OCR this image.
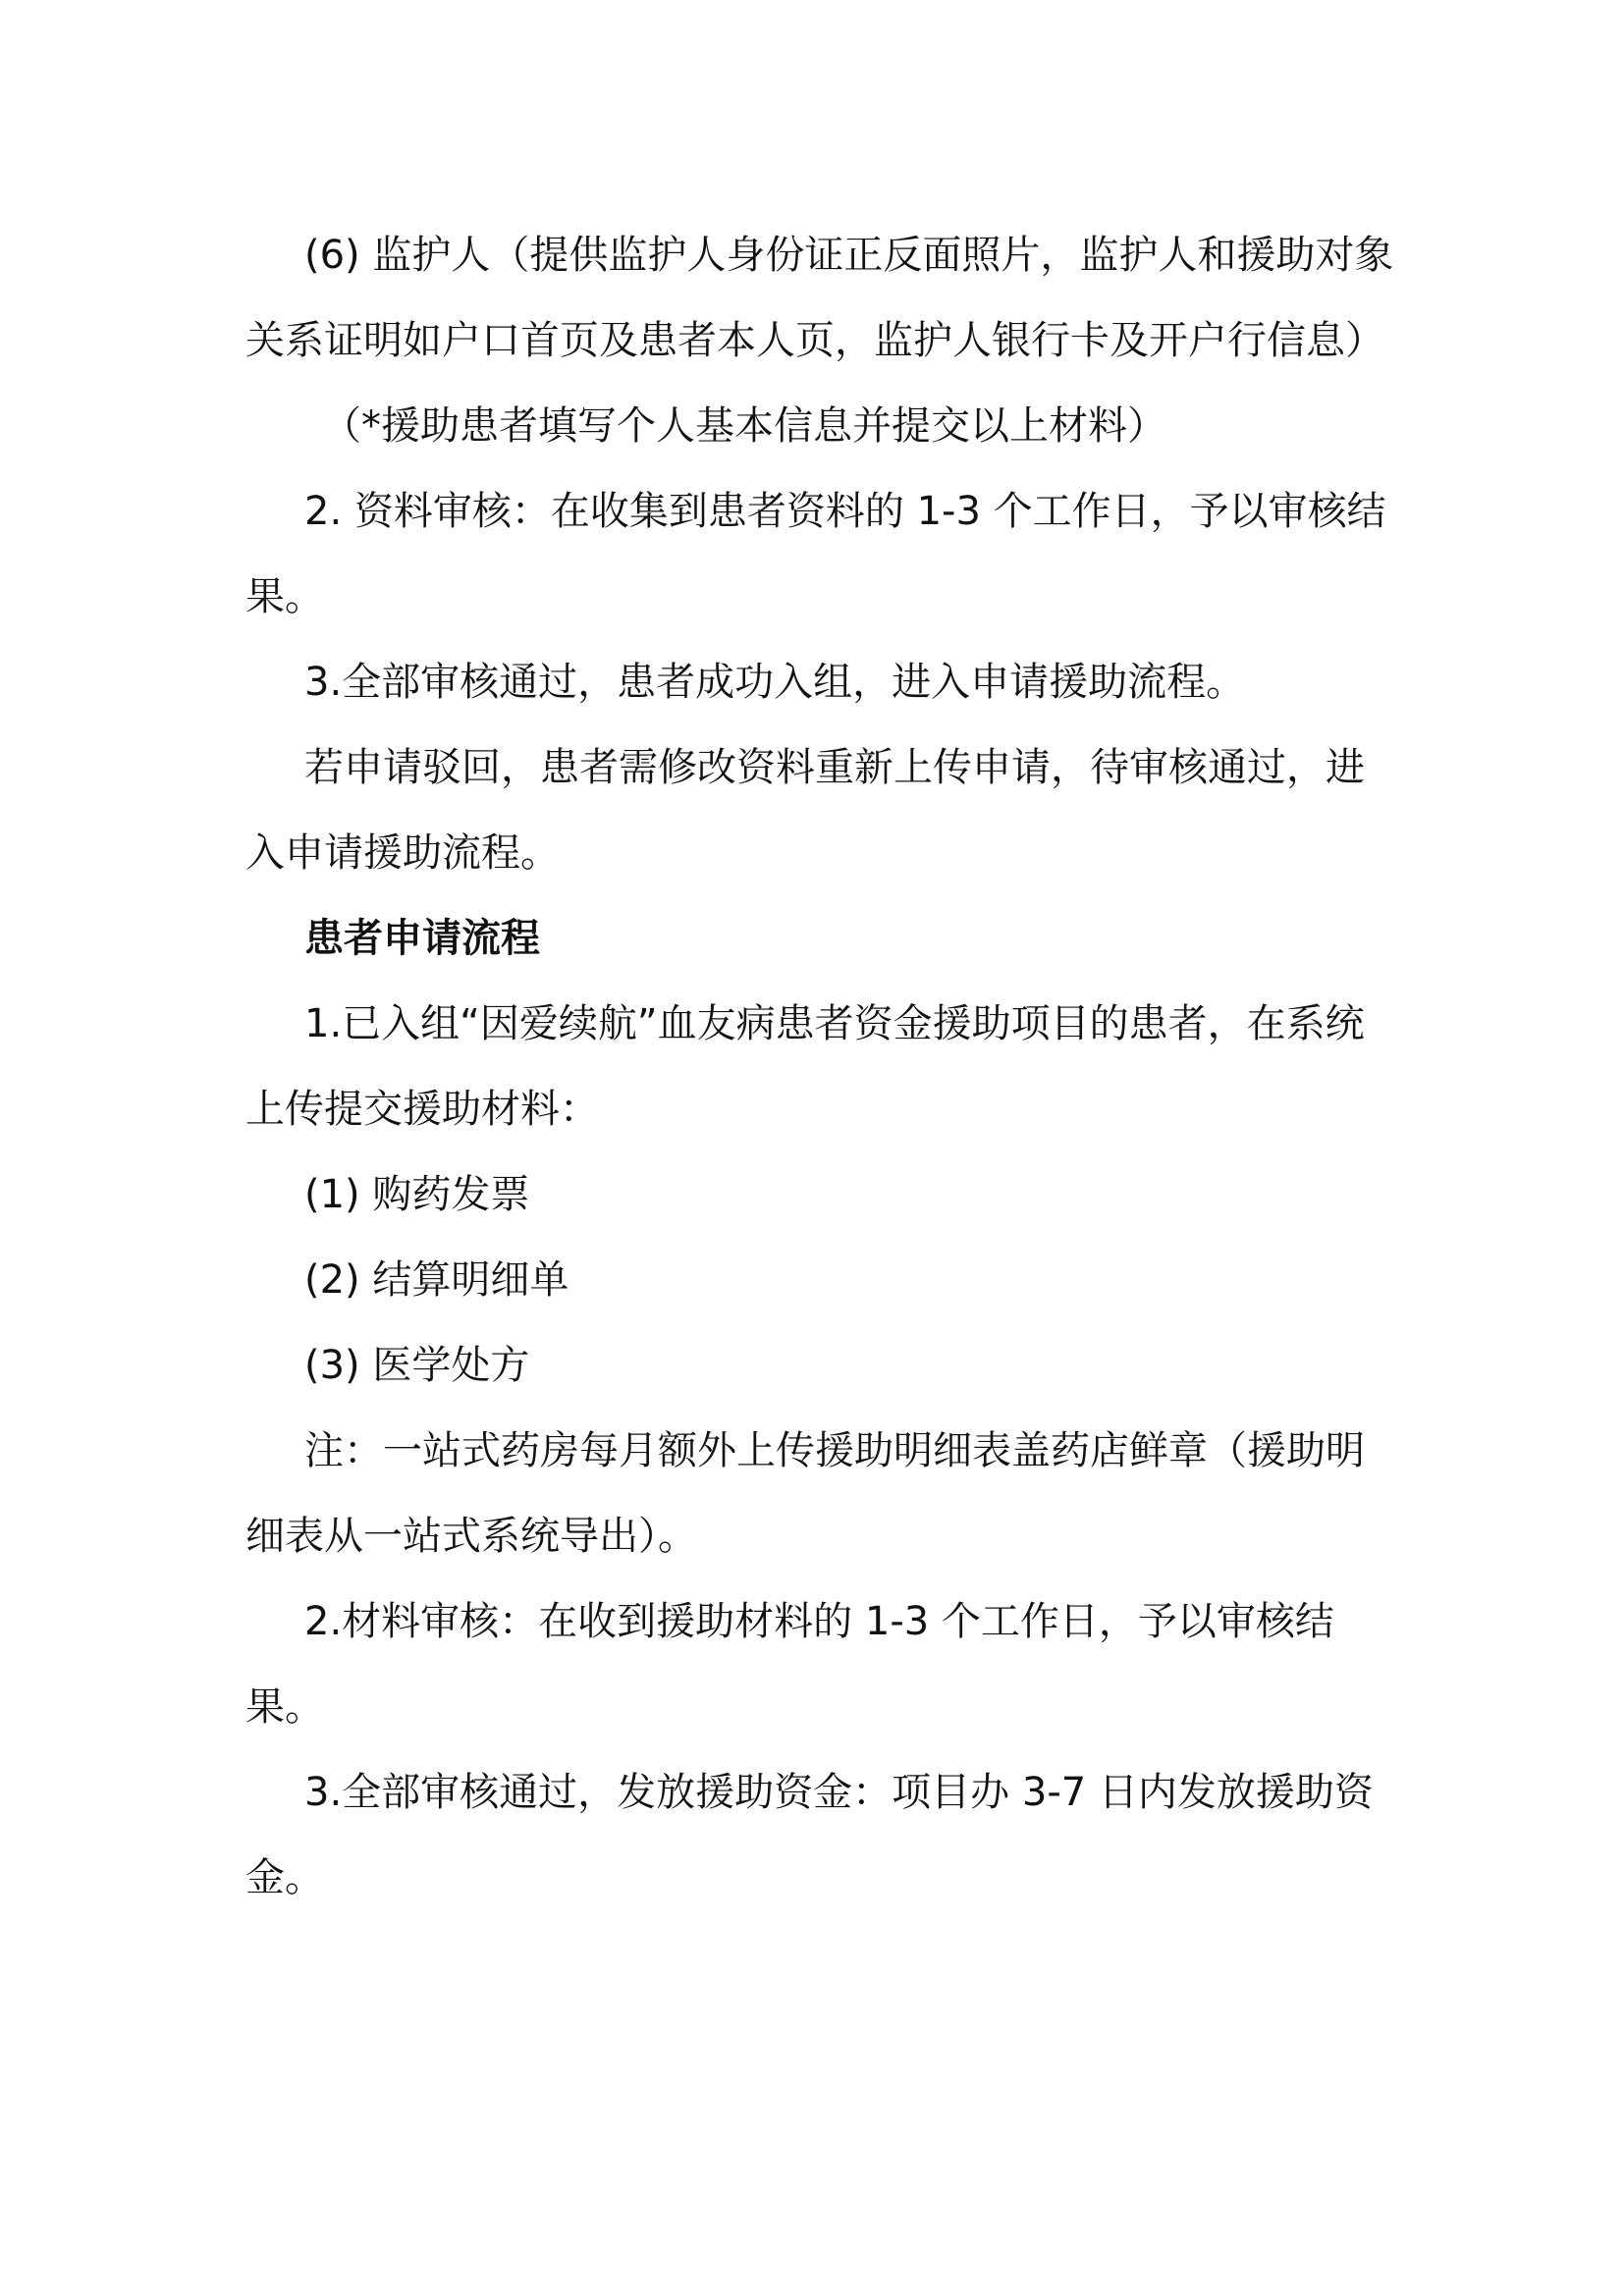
(6) 监护人（提供监护人身份证正反面照片，监护人和援助对象关系证明如户口首页及患者本人页，监护人银行卡及开户行信息）

（*援助患者填写个人基本信息并提交以上材料）

2. 资料审核：在收集到患者资料的 1-3 个工作日，予以审核结果。

3.全部审核通过，患者成功入组，进入申请援助流程。

若申请驳回，患者需修改资料重新上传申请，待审核通过，进入申请援助流程。

患者申请流程

1.已入组“因爱续航”血友病患者资金援助项目的患者，在系统上传提交援助材料：

(1) 购药发票

(2) 结算明细单

(3) 医学处方

注：一站式药房每月额外上传援助明细表盖药店鲜章（援助明细表从一站式系统导出）。

2.材料审核：在收到援助材料的 1-3 个工作日，予以审核结果。

3.全部审核通过，发放援助资金：项目办 3-7 日内发放援助资金。
